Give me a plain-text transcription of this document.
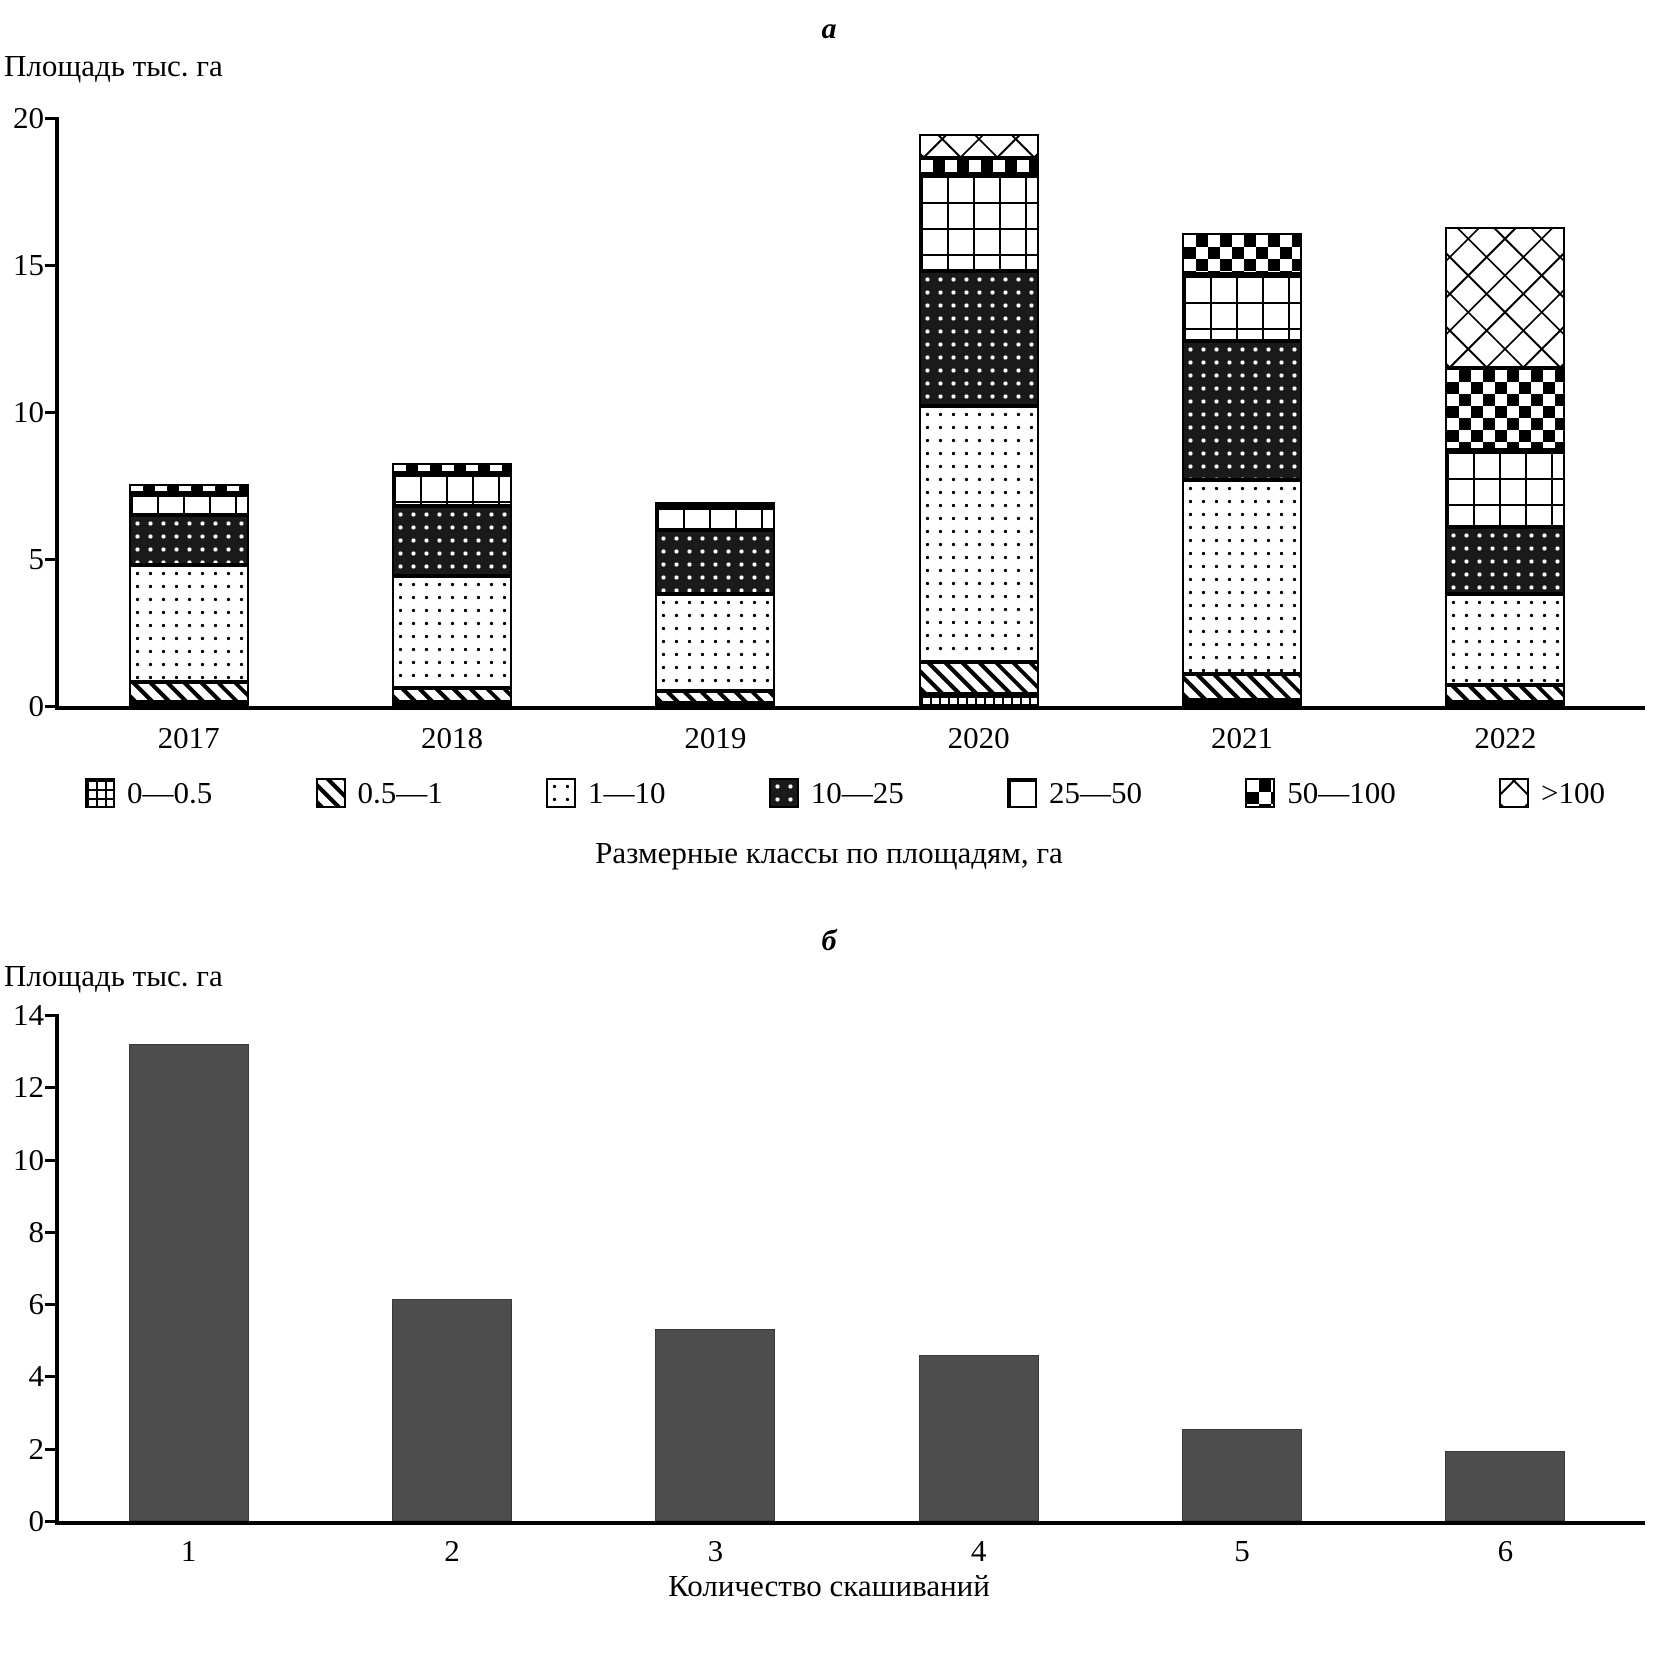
а
Площадь тыс. га
0
5
10
15
20
2017	2018	2019	2020	2021	2022
0—0.5	0.5—1	1—10	10—25	25—50	50—100	>100
Размерные классы по площадям, га
б
Площадь тыс. га
0
2
4
6
8
10
12
14
1	2	3	4	5	6
Количество скашиваний
